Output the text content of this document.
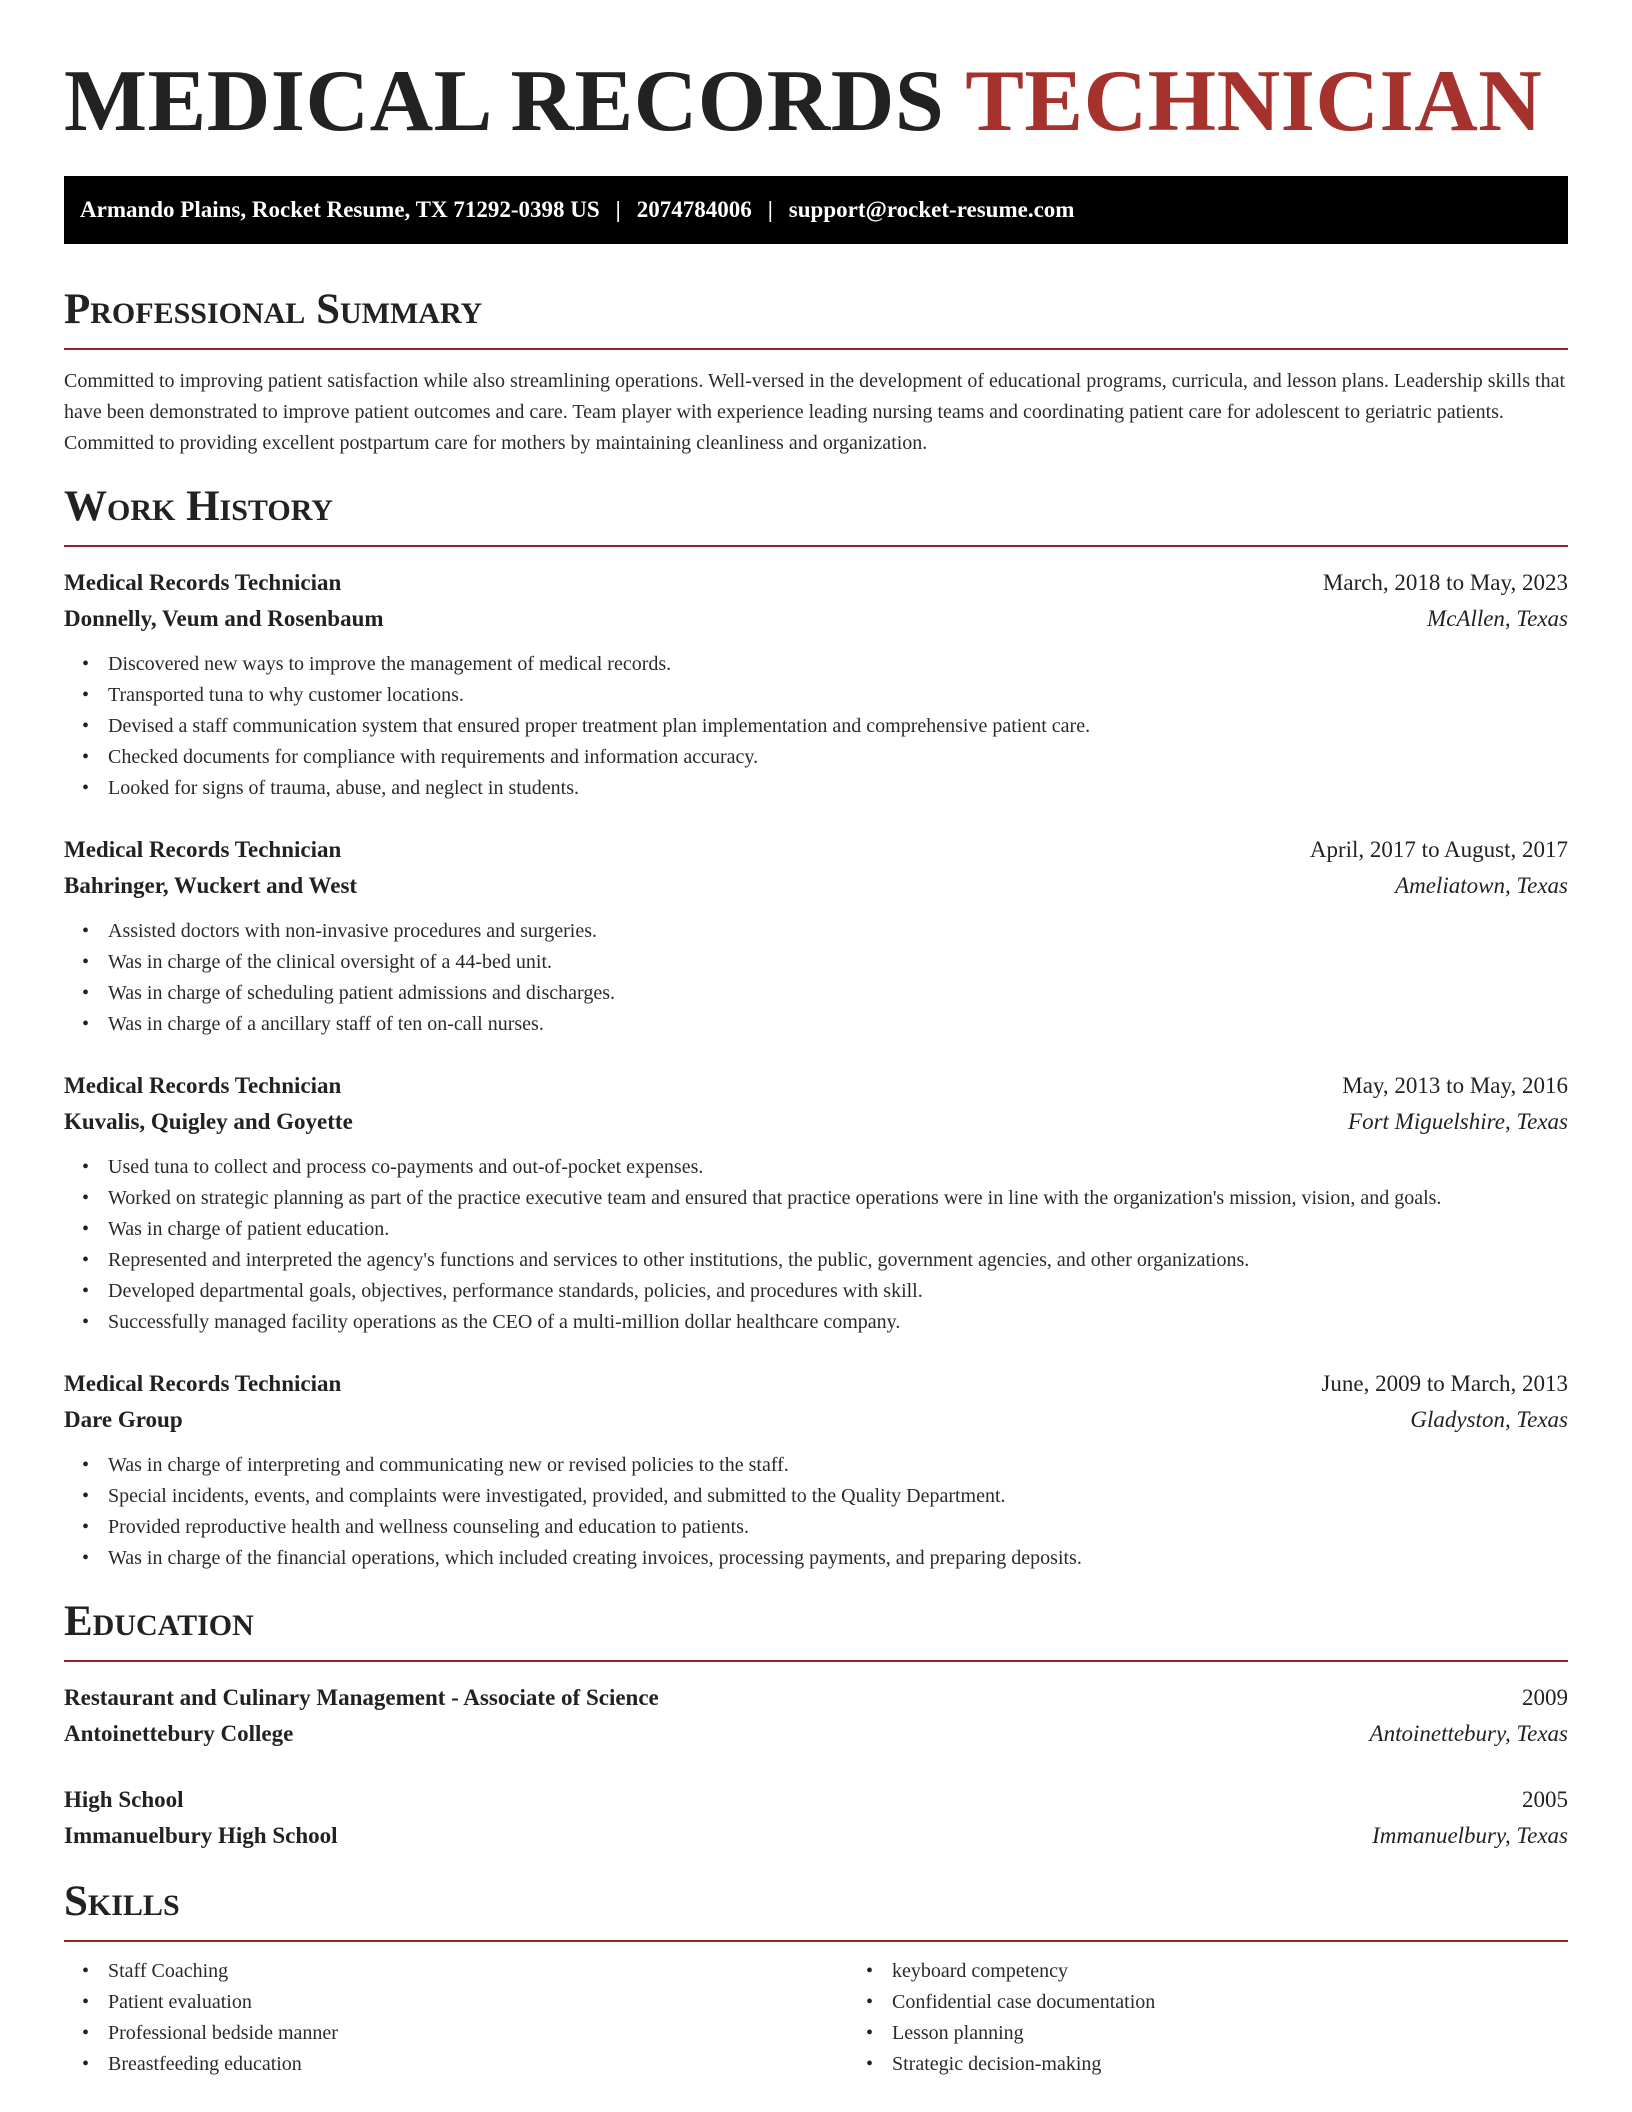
MEDICAL RECORDS TECHNICIAN
Armando Plains, Rocket Resume, TX 71292-0398 US | 2074784006 | support@rocket-resume.com
Professional Summary

Committed to improving patient satisfaction while also streamlining operations. Well-versed in the development of educational programs, curricula, and lesson plans. Leadership skills that have been demonstrated to improve patient outcomes and care. Team player with experience leading nursing teams and coordinating patient care for adolescent to geriatric patients. Committed to providing excellent postpartum care for mothers by maintaining cleanliness and organization.

Work History
Medical Records Technician	March, 2018 to May, 2023
Donnelly, Veum and Rosenbaum	McAllen, Texas
• Discovered new ways to improve the management of medical records.
• Transported tuna to why customer locations.
• Devised a staff communication system that ensured proper treatment plan implementation and comprehensive patient care.
• Checked documents for compliance with requirements and information accuracy.
• Looked for signs of trauma, abuse, and neglect in students.
Medical Records Technician	April, 2017 to August, 2017
Bahringer, Wuckert and West	Ameliatown, Texas
• Assisted doctors with non-invasive procedures and surgeries.
• Was in charge of the clinical oversight of a 44-bed unit.
• Was in charge of scheduling patient admissions and discharges.
• Was in charge of a ancillary staff of ten on-call nurses.
Medical Records Technician	May, 2013 to May, 2016
Kuvalis, Quigley and Goyette	Fort Miguelshire, Texas
• Used tuna to collect and process co-payments and out-of-pocket expenses.
• Worked on strategic planning as part of the practice executive team and ensured that practice operations were in line with the organization's mission, vision, and goals.
• Was in charge of patient education.
• Represented and interpreted the agency's functions and services to other institutions, the public, government agencies, and other organizations.
• Developed departmental goals, objectives, performance standards, policies, and procedures with skill.
• Successfully managed facility operations as the CEO of a multi-million dollar healthcare company.
Medical Records Technician	June, 2009 to March, 2013
Dare Group	Gladyston, Texas
• Was in charge of interpreting and communicating new or revised policies to the staff.
• Special incidents, events, and complaints were investigated, provided, and submitted to the Quality Department.
• Provided reproductive health and wellness counseling and education to patients.
• Was in charge of the financial operations, which included creating invoices, processing payments, and preparing deposits.
Education
Restaurant and Culinary Management - Associate of Science	2009
Antoinettebury College	Antoinettebury, Texas
High School	2005
Immanuelbury High School	Immanuelbury, Texas
Skills
• Staff Coaching
• Patient evaluation
• Professional bedside manner
• Breastfeeding education
• keyboard competency
• Confidential case documentation
• Lesson planning
• Strategic decision-making
